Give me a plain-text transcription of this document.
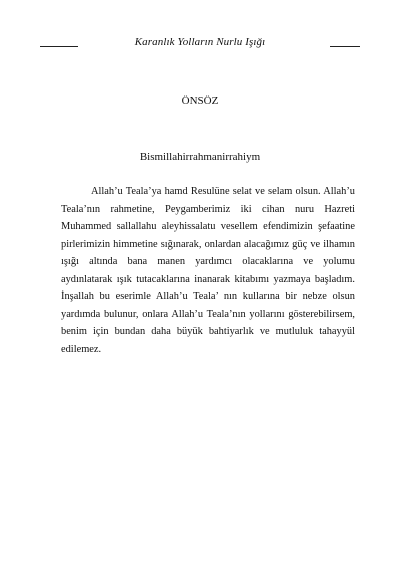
Karanlık Yolların Nurlu Işığı
ÖNSÖZ
Bismillahirrahmanirrahiym

Allah’u Teala’ya hamd Resulüne selat ve selam olsun. Allah’u Teala’nın rahmetine, Peygamberimiz iki cihan nuru Hazreti Muhammed sallallahu aleyhissalatu vesellem efendimizin şefaatine pirlerimizin himmetine sığınarak, onlardan alacağımız güç ve ilhamın ışığı altında bana manen yardımcı olacaklarına ve yolumu aydınlatarak ışık tutacaklarına inanarak kitabımı yazmaya başladım. İnşallah bu eserimle Allah’u Teala’ nın kullarına bir nebze olsun yardımda bulunur, onlara Allah’u Teala’nın yollarını gösterebilirsem, benim için bundan daha büyük bahtiyarlık ve mutluluk tahayyül edilemez.
